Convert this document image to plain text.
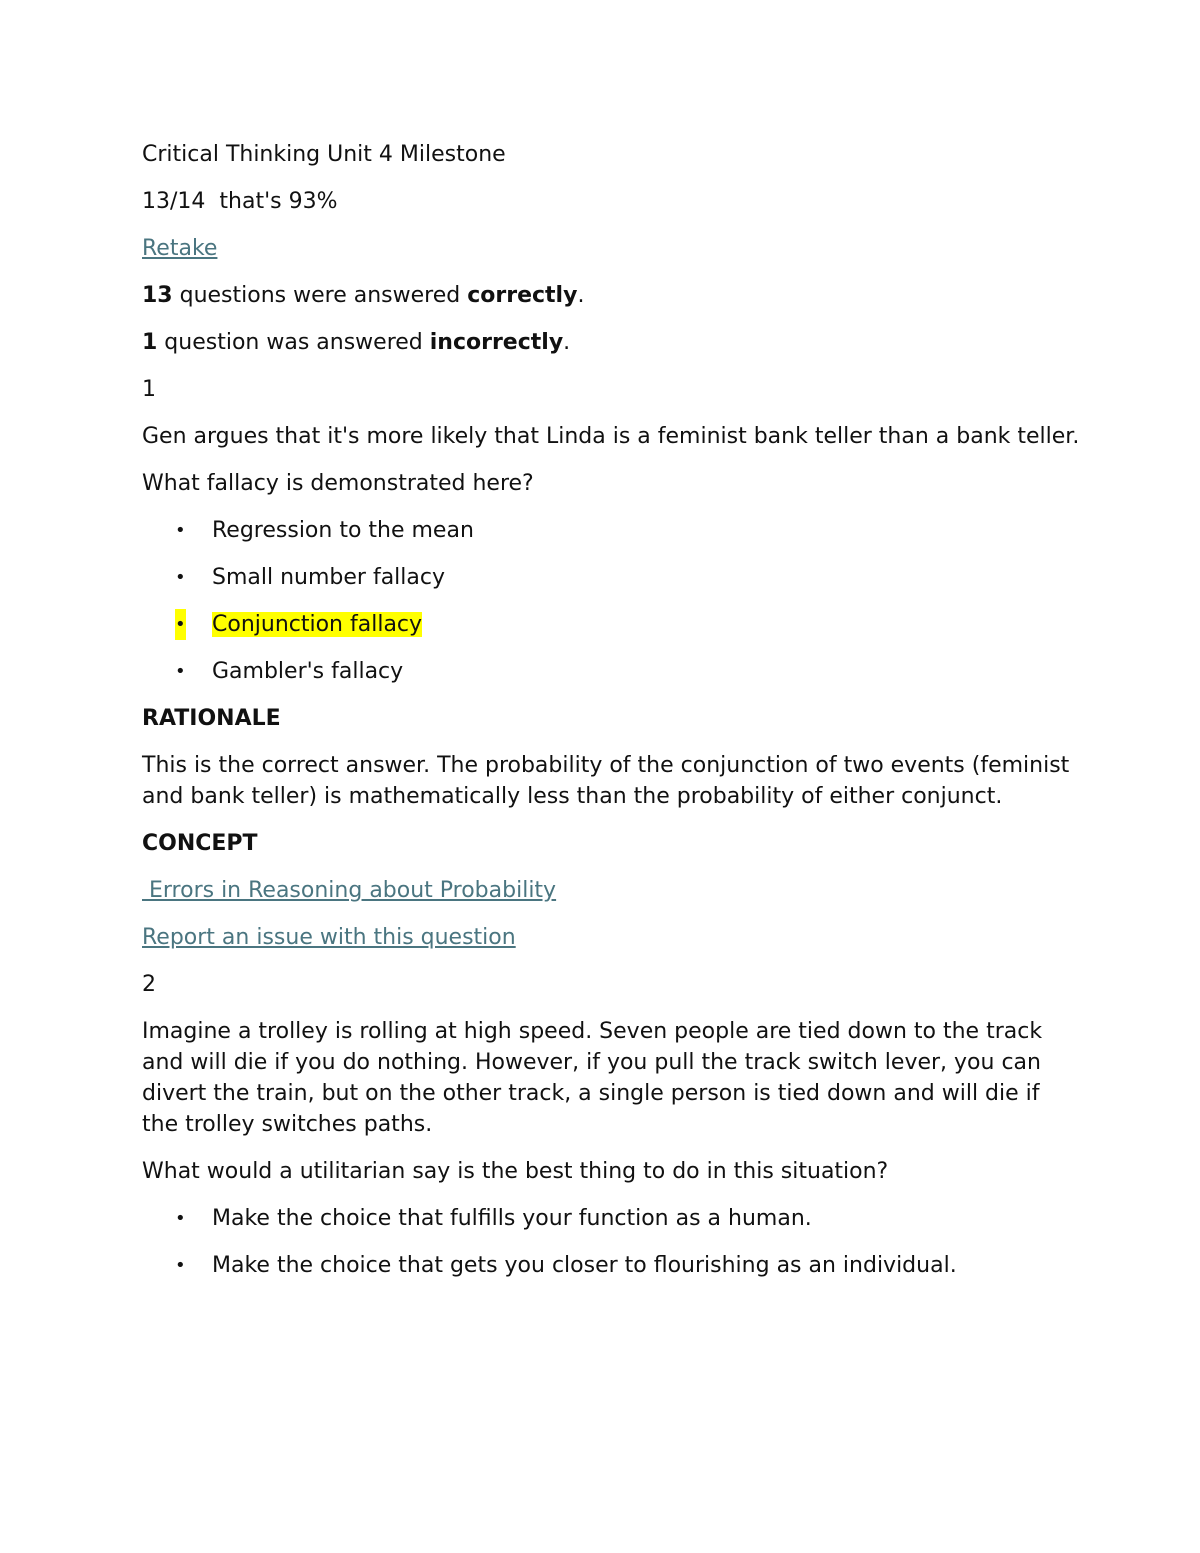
Critical Thinking Unit 4 Milestone

13/14 that's 93%

Retake

13 questions were answered correctly.

1 question was answered incorrectly.

1

Gen argues that it's more likely that Linda is a feminist bank teller than a bank teller.

What fallacy is demonstrated here?

• Regression to the mean
• Small number fallacy
• Conjunction fallacy
• Gambler's fallacy

RATIONALE

This is the correct answer. The probability of the conjunction of two events (feminist and bank teller) is mathematically less than the probability of either conjunct.

CONCEPT

Errors in Reasoning about Probability

Report an issue with this question

2

Imagine a trolley is rolling at high speed. Seven people are tied down to the track and will die if you do nothing. However, if you pull the track switch lever, you can divert the train, but on the other track, a single person is tied down and will die if the trolley switches paths.

What would a utilitarian say is the best thing to do in this situation?

• Make the choice that fulfills your function as a human.
• Make the choice that gets you closer to flourishing as an individual.
